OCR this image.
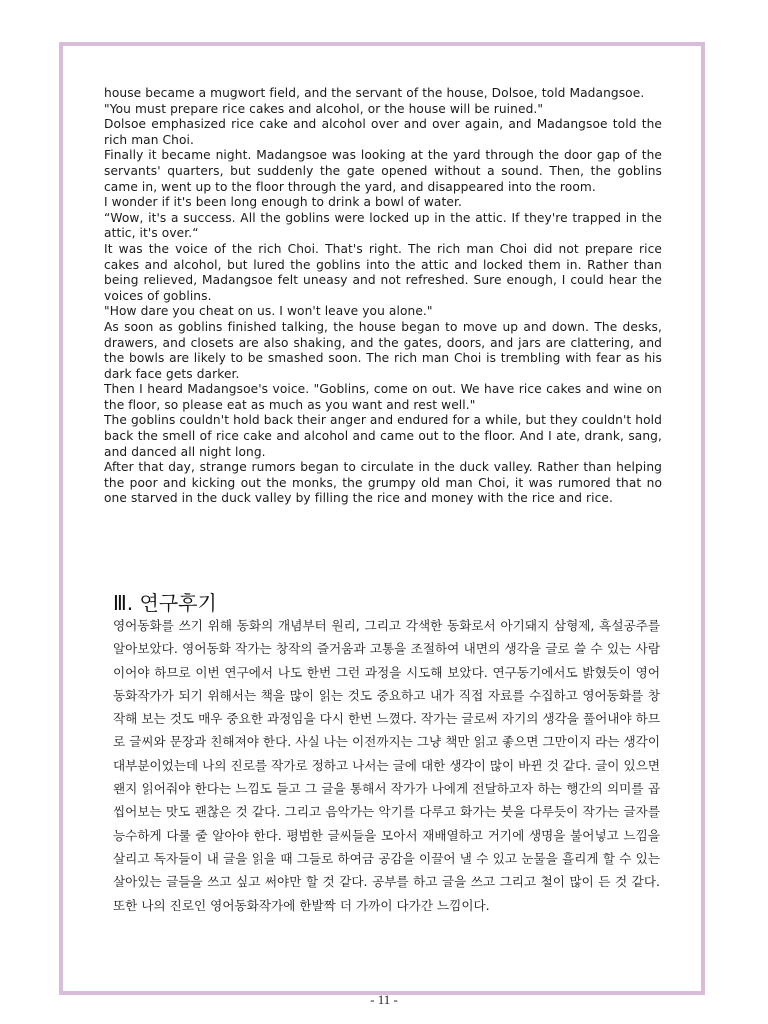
house became a mugwort field, and the servant of the house, Dolsoe, told Madangsoe.

"You must prepare rice cakes and alcohol, or the house will be ruined."

Dolsoe emphasized rice cake and alcohol over and over again, and Madangsoe told the rich man Choi.

Finally it became night. Madangsoe was looking at the yard through the door gap of the servants' quarters, but suddenly the gate opened without a sound. Then, the goblins came in, went up to the floor through the yard, and disappeared into the room.

I wonder if it's been long enough to drink a bowl of water.

“Wow, it's a success. All the goblins were locked up in the attic. If they're trapped in the attic, it's over.“

It was the voice of the rich Choi. That's right. The rich man Choi did not prepare rice cakes and alcohol, but lured the goblins into the attic and locked them in. Rather than being relieved, Madangsoe felt uneasy and not refreshed. Sure enough, I could hear the voices of goblins.

"How dare you cheat on us. I won't leave you alone."

As soon as goblins finished talking, the house began to move up and down. The desks, drawers, and closets are also shaking, and the gates, doors, and jars are clattering, and the bowls are likely to be smashed soon. The rich man Choi is trembling with fear as his dark face gets darker.

Then I heard Madangsoe's voice. "Goblins, come on out. We have rice cakes and wine on the floor, so please eat as much as you want and rest well."

The goblins couldn't hold back their anger and endured for a while, but they couldn't hold back the smell of rice cake and alcohol and came out to the floor. And I ate, drank, sang, and danced all night long.

After that day, strange rumors began to circulate in the duck valley. Rather than helping the poor and kicking out the monks, the grumpy old man Choi, it was rumored that no one starved in the duck valley by filling the rice and money with the rice and rice.

Ⅲ. 연구후기

영어동화를 쓰기 위해 동화의 개념부터 원리, 그리고 각색한 동화로서 아기돼지 삼형제, 흑설공주를 알아보았다. 영어동화 작가는 창작의 즐거움과 고통을 조절하여 내면의 생각을 글로 쓸 수 있는 사람이어야 하므로 이번 연구에서 나도 한번 그런 과정을 시도해 보았다. 연구동기에서도 밝혔듯이 영어동화작가가 되기 위해서는 책을 많이 읽는 것도 중요하고 내가 직접 자료를 수집하고 영어동화를 창작해 보는 것도 매우 중요한 과정임을 다시 한번 느꼈다. 작가는 글로써 자기의 생각을 풀어내야 하므로 글씨와 문장과 친해져야 한다. 사실 나는 이전까지는 그냥 책만 읽고 좋으면 그만이지 라는 생각이 대부분이었는데 나의 진로를 작가로 정하고 나서는 글에 대한 생각이 많이 바뀐 것 같다. 글이 있으면 왠지 읽어줘야 한다는 느낌도 들고 그 글을 통해서 작가가 나에게 전달하고자 하는 행간의 의미를 곱씹어보는 맛도 괜찮은 것 같다. 그리고 음악가는 악기를 다루고 화가는 붓을 다루듯이 작가는 글자를 능수하게 다룰 줄 알아야 한다. 평범한 글씨들을 모아서 재배열하고 거기에 생명을 불어넣고 느낌을 살리고 독자들이 내 글을 읽을 때 그들로 하여금 공감을 이끌어 낼 수 있고 눈물을 흘리게 할 수 있는 살아있는 글들을 쓰고 싶고 써야만 할 것 같다. 공부를 하고 글을 쓰고 그리고 철이 많이 든 것 같다. 또한 나의 진로인 영어동화작가에 한발짝 더 가까이 다가간 느낌이다.

- 11 -
